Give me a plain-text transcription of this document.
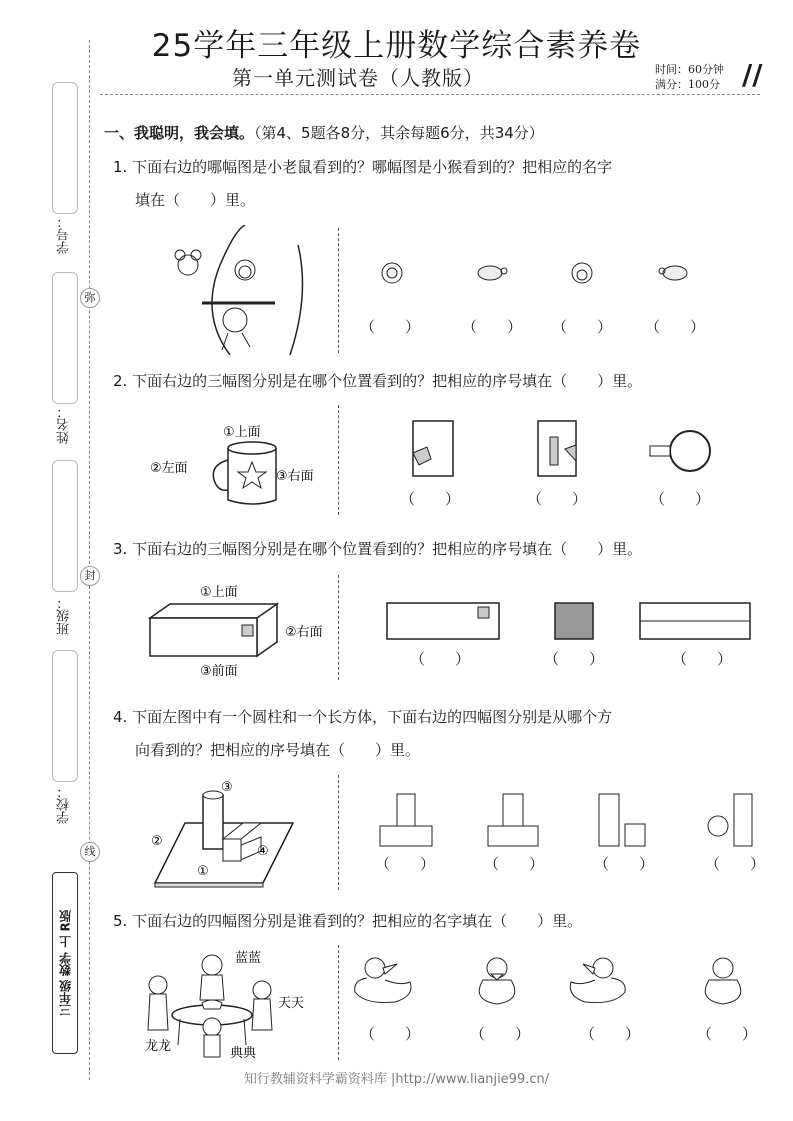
25学年三年级上册数学综合素养卷
第一单元测试卷（人教版）	时间：60分钟
满分：100分 //
学号：
姓名：
班级：
学校：
弥
封
线
三年级 数学 上 R版
一、我聪明，我会填。（第4、5题各8分，其余每题6分，共34分）
1. 下面右边的哪幅图是小老鼠看到的？哪幅图是小猴看到的？把相应的名字
填在（　　）里。
（　　）	（　　） （　　） （　　）
2. 下面右边的三幅图分别是在哪个位置看到的？把相应的序号填在（　　）里。
①上面
②左面
③右面
（　　）	（　　）	（　　）
3. 下面右边的三幅图分别是在哪个位置看到的？把相应的序号填在（　　）里。
①上面
②右面
③前面
（　　）	（　　）	（　　）
4. 下面左图中有一个圆柱和一个长方体，下面右边的四幅图分别是从哪个方
向看到的？把相应的序号填在（　　）里。
③
②
①
④
（　　）	（　　）	（　　）	（　　）
5. 下面右边的四幅图分别是谁看到的？把相应的名字填在（　　）里。
蓝蓝
天天
龙龙	典典
（　　）	（　　）	（　　）	（　　）
知行教辅资料学霸资料库 |http://www.lianjie99.cn/
